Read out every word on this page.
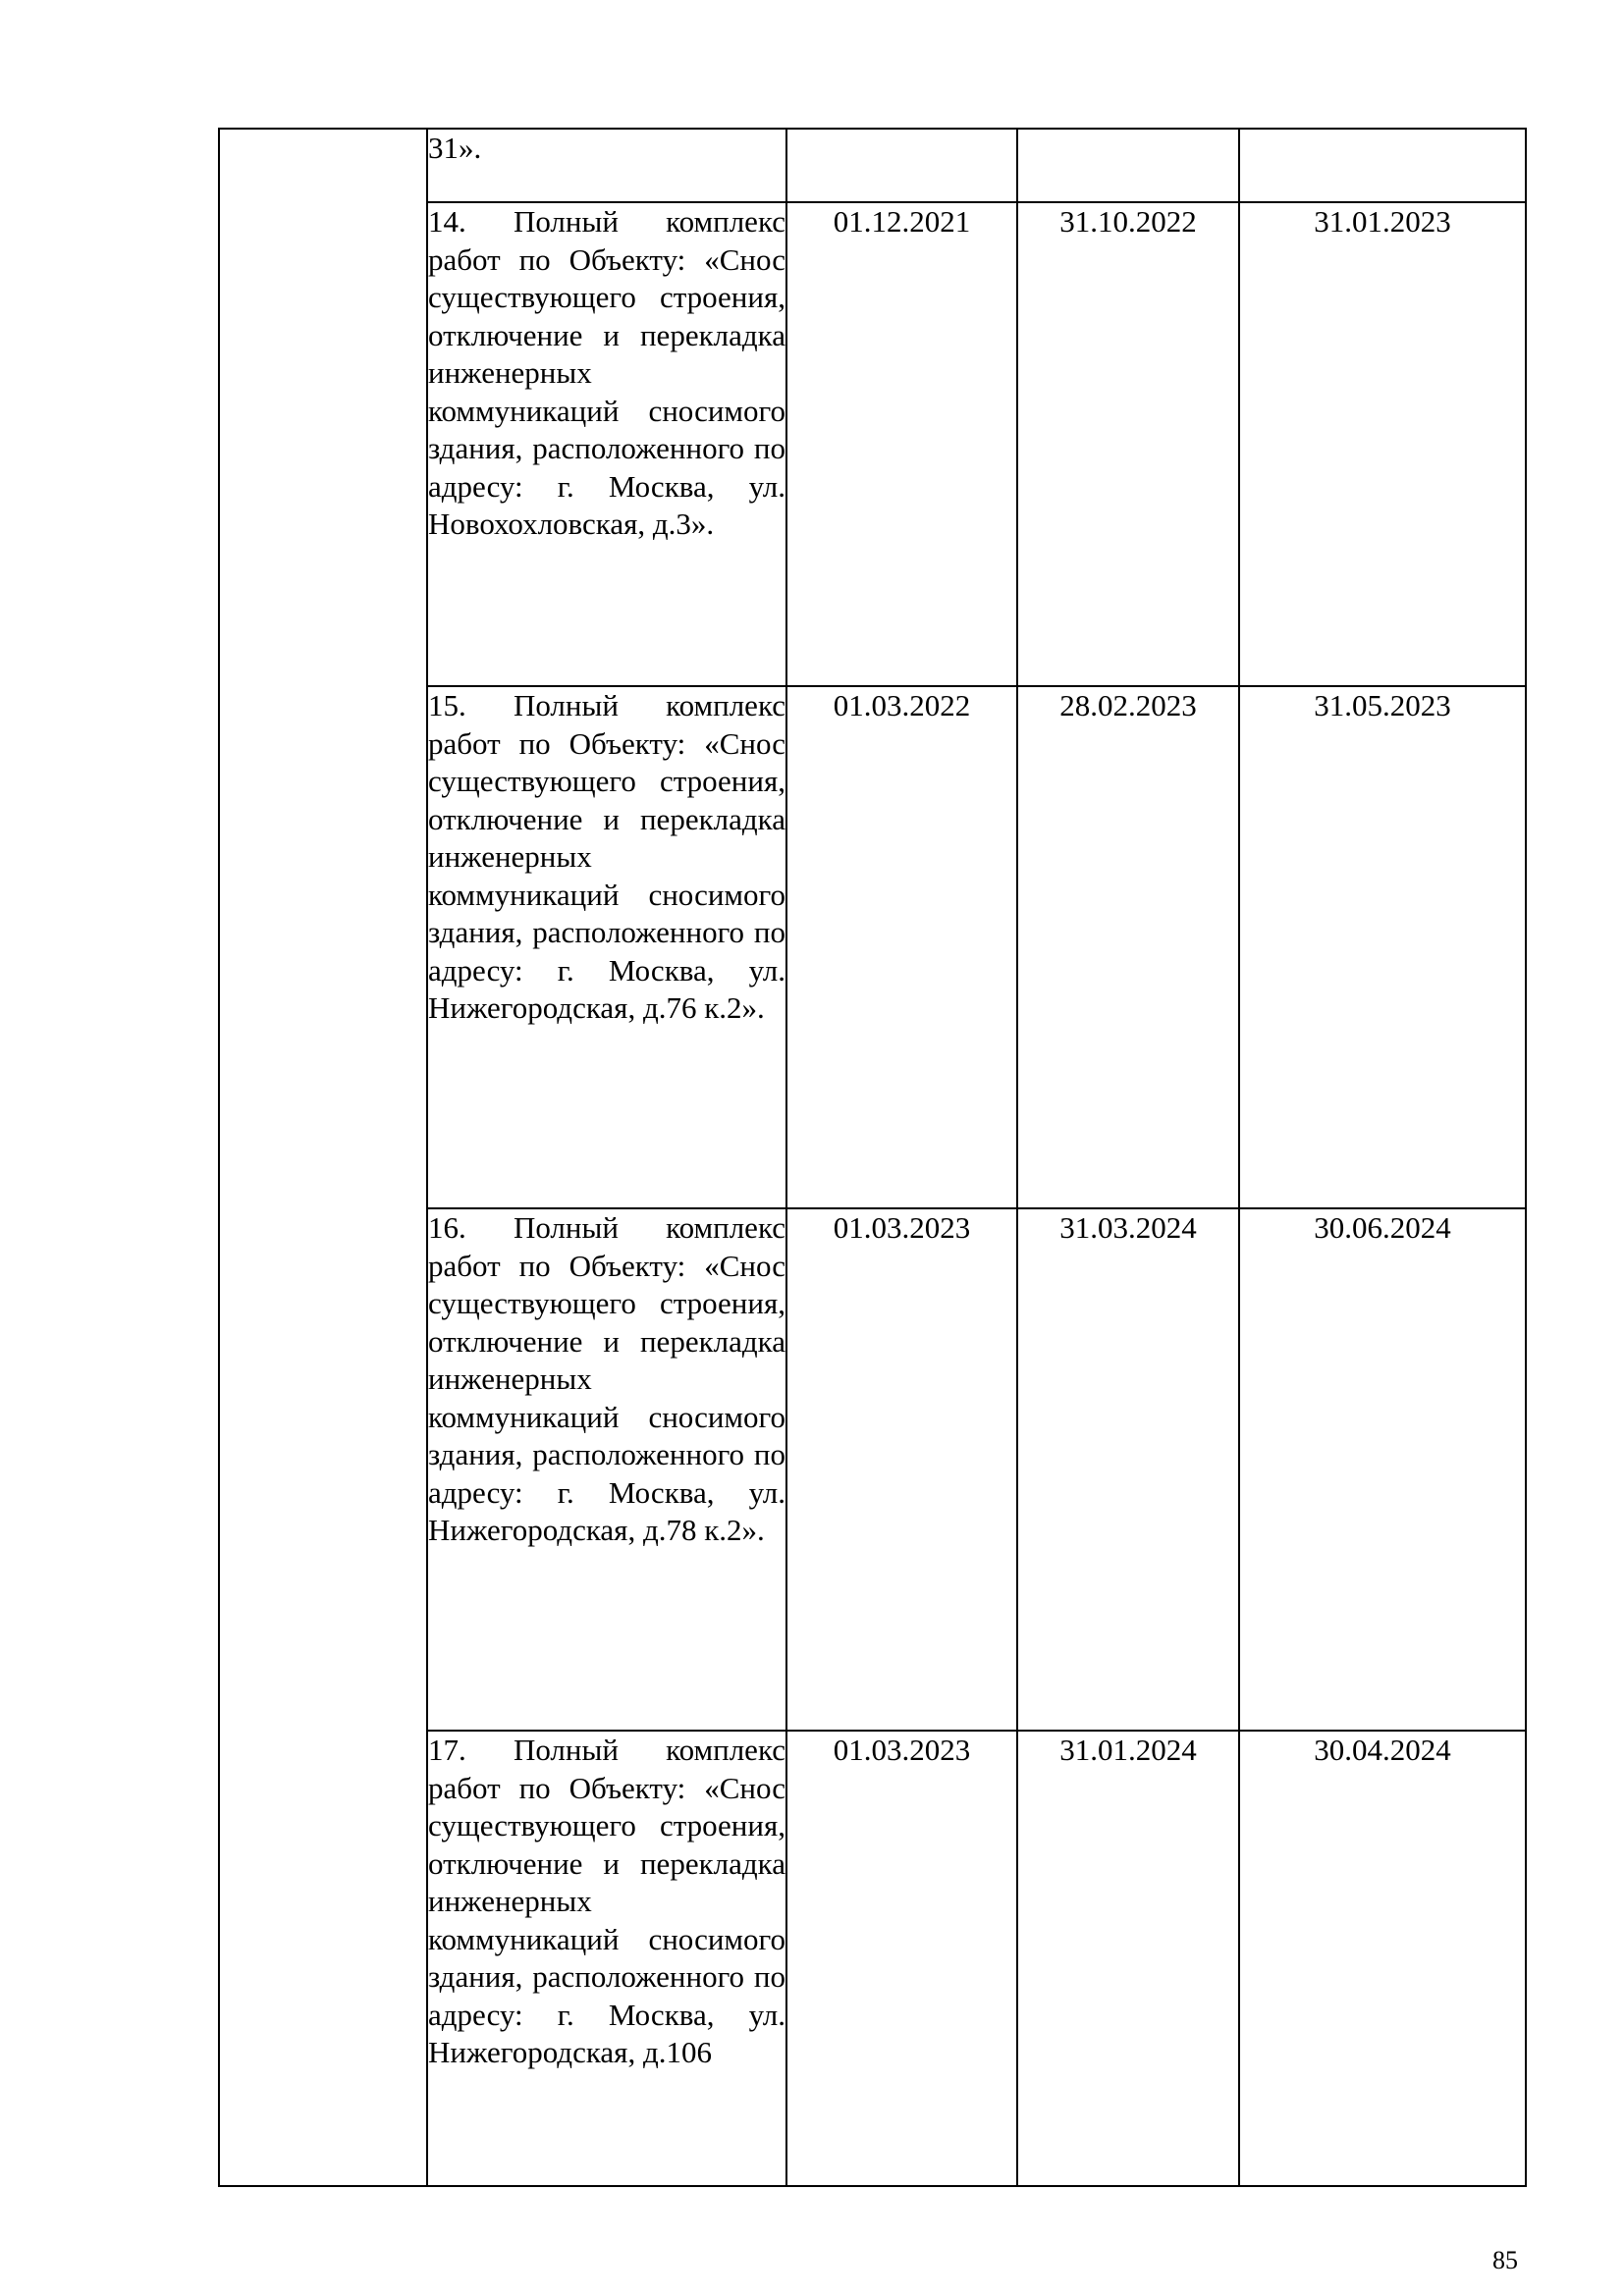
	31».			

	14. Полный комплекс работ по Объекту: «Снос существующего строения, отключение и перекладка инженерных коммуникаций сносимого здания, расположенного по адресу: г. Москва, ул. Новохохловская, д.3».	01.12.2021	31.10.2022	31.01.2023

	15. Полный комплекс работ по Объекту: «Снос существующего строения, отключение и перекладка инженерных коммуникаций сносимого здания, расположенного по адресу: г. Москва, ул. Нижегородская, д.76 к.2».	01.03.2022	28.02.2023	31.05.2023

	16. Полный комплекс работ по Объекту: «Снос существующего строения, отключение и перекладка инженерных коммуникаций сносимого здания, расположенного по адресу: г. Москва, ул. Нижегородская, д.78 к.2».	01.03.2023	31.03.2024	30.06.2024

	17. Полный комплекс работ по Объекту: «Снос существующего строения, отключение и перекладка инженерных коммуникаций сносимого здания, расположенного по адресу: г. Москва, ул. Нижегородская, д.106	01.03.2023	31.01.2024	30.04.2024
85
